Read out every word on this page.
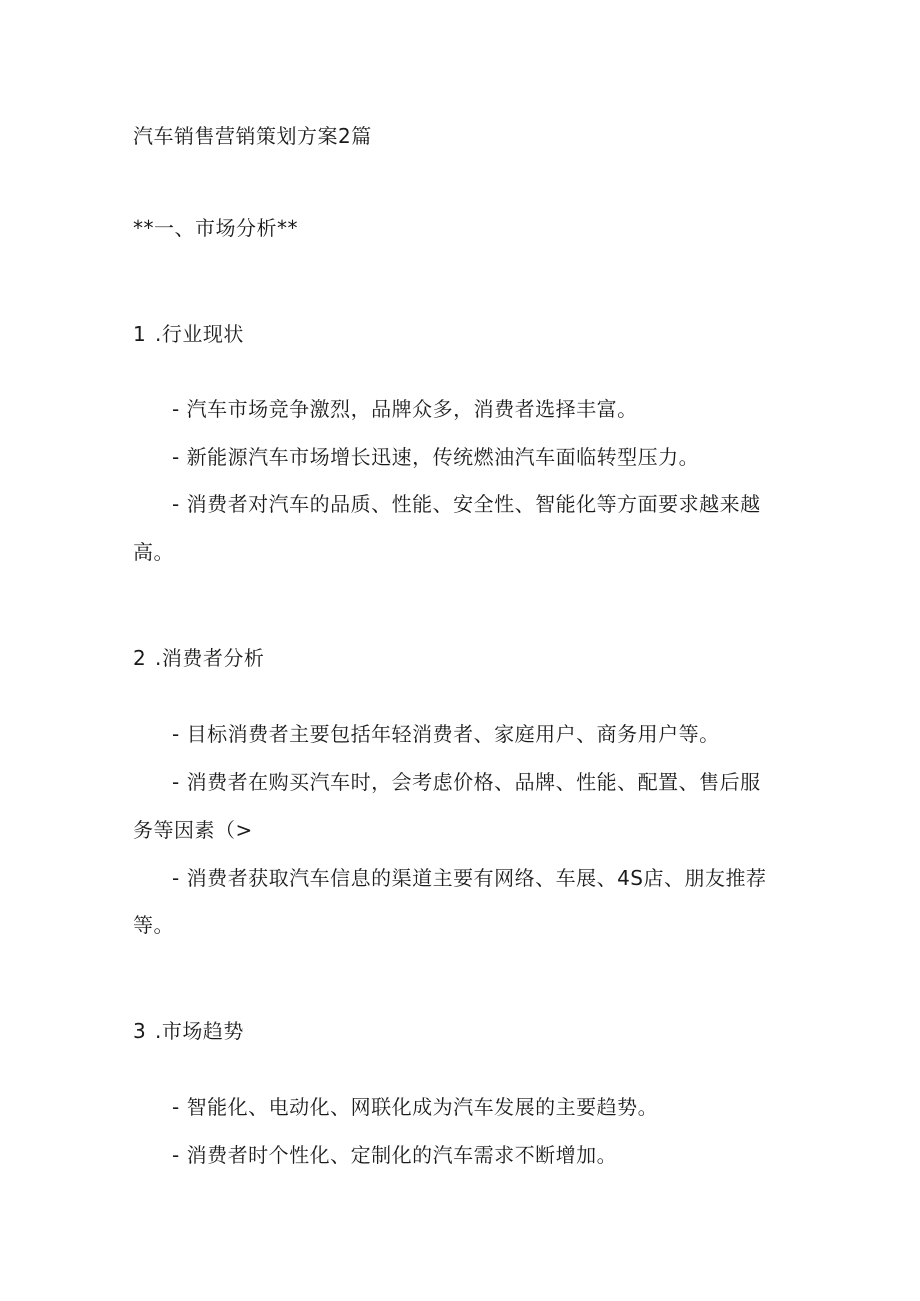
汽车销售营销策划方案2篇
**一、市场分析**
1 .行业现状
- 汽车市场竞争激烈，品牌众多，消费者选择丰富。
- 新能源汽车市场增长迅速，传统燃油汽车面临转型压力。
- 消费者对汽车的品质、性能、安全性、智能化等方面要求越来越
高。
2 .消费者分析
- 目标消费者主要包括年轻消费者、家庭用户、商务用户等。
- 消费者在购买汽车时，会考虑价格、品牌、性能、配置、售后服
务等因素（>
- 消费者获取汽车信息的渠道主要有网络、车展、4S店、朋友推荐
等。
3 .市场趋势
- 智能化、电动化、网联化成为汽车发展的主要趋势。
- 消费者时个性化、定制化的汽车需求不断增加。
